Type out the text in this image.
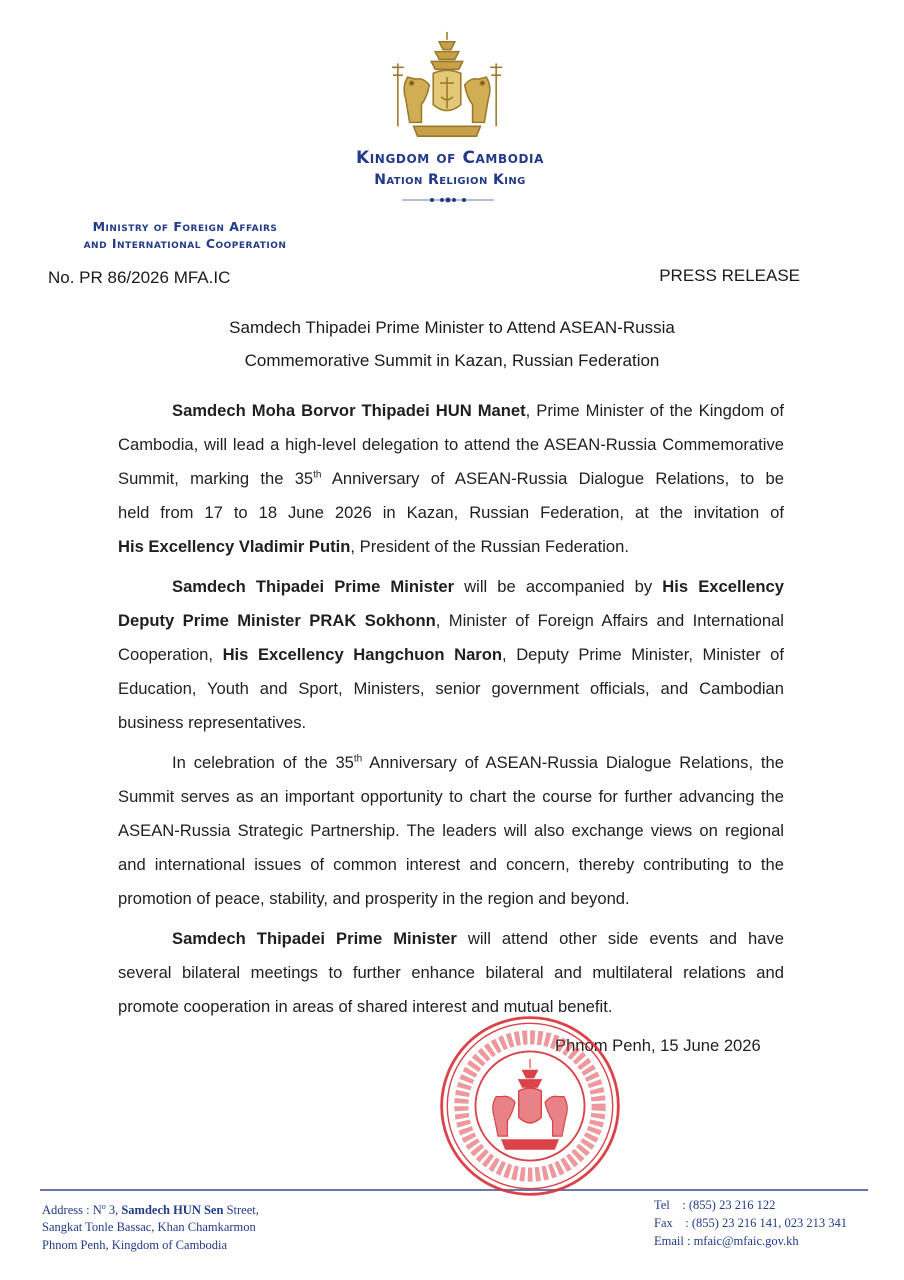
Kingdom of Cambodia
Nation Religion King
Ministry of Foreign Affairs
and International Cooperation
No. PR 86/2026 MFA.IC	PRESS RELEASE
Samdech Thipadei Prime Minister to Attend ASEAN-Russia
Commemorative Summit in Kazan, Russian Federation
Samdech Moha Borvor Thipadei HUN Manet, Prime Minister of the Kingdom of
Cambodia, will lead a high-level delegation to attend the ASEAN-Russia Commemorative
Summit, marking the 35th Anniversary of ASEAN-Russia Dialogue Relations, to be
held from 17 to 18 June 2026 in Kazan, Russian Federation, at the invitation of
His Excellency Vladimir Putin, President of the Russian Federation.
Samdech Thipadei Prime Minister will be accompanied by His Excellency
Deputy Prime Minister PRAK Sokhonn, Minister of Foreign Affairs and International
Cooperation, His Excellency Hangchuon Naron, Deputy Prime Minister, Minister of
Education, Youth and Sport, Ministers, senior government officials, and Cambodian
business representatives.
In celebration of the 35th Anniversary of ASEAN-Russia Dialogue Relations, the
Summit serves as an important opportunity to chart the course for further advancing the
ASEAN-Russia Strategic Partnership. The leaders will also exchange views on regional
and international issues of common interest and concern, thereby contributing to the
promotion of peace, stability, and prosperity in the region and beyond.
Samdech Thipadei Prime Minister will attend other side events and have
several bilateral meetings to further enhance bilateral and multilateral relations and
promote cooperation in areas of shared interest and mutual benefit.
Phnom Penh, 15 June 2026
Address : $N^o$ 3, Samdech HUN Sen Street,
Sangkat Tonle Bassac, Khan Chamkarmon
Phnom Penh, Kingdom of Cambodia
Tel    : (855) 23 216 122
Fax    : (855) 23 216 141, 023 213 341
Email : mfaic@mfaic.gov.kh
